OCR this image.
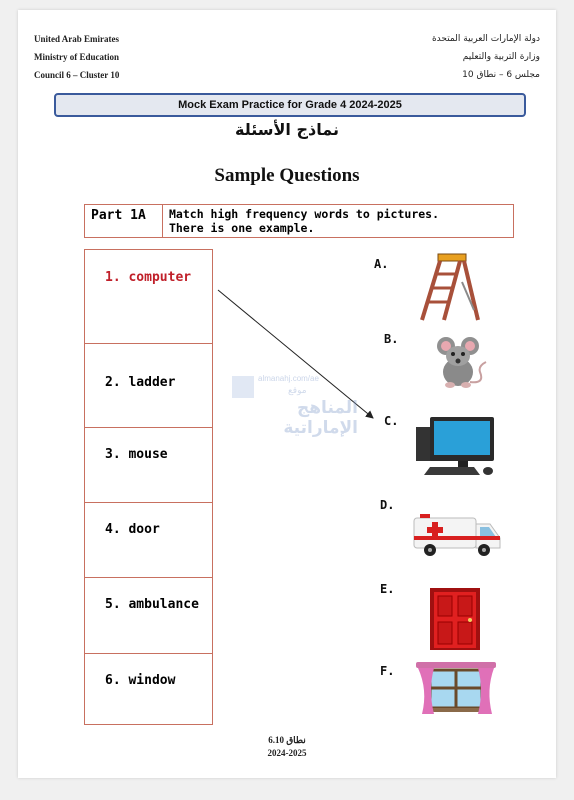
United Arab Emirates
Ministry of Education
Council 6 – Cluster 10
دولة الإمارات العربية المتحدة
وزارة التربية والتعليم
مجلس 6 – نطاق 10
Mock Exam Practice for Grade 4 2024-2025
نماذج الأسئلة
Sample Questions
Part 1A	Match high frequency words to pictures.
There is one example.
1. computer
2. ladder
3. mouse
4. door
5. ambulance
6. window
almanahj.com/ae
موقع
المناهج الإماراتية
A.
B.
C.
D.
E.
F.
نطاق 6.10
2024-2025
